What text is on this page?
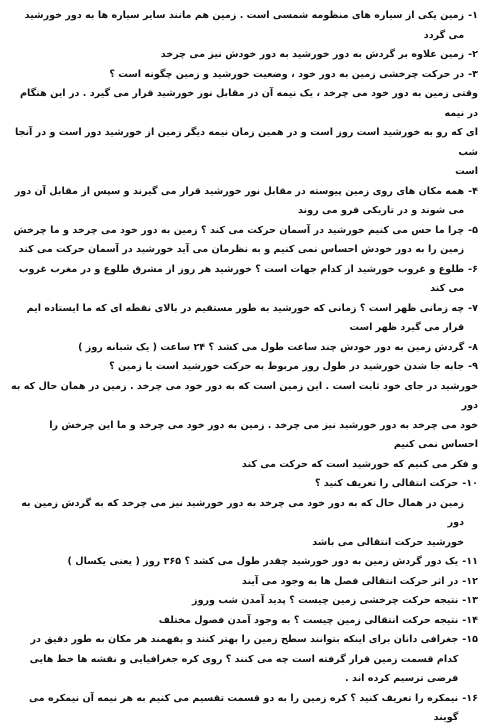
۱-

زمین یکی از سیاره های منظومه شمسی است . زمین هم مانند سایر سیاره ها به دور خورشید می گردد

۲-

زمین علاوه بر گردش به دور خورشید به دور خودش نیز می چرخد

۳-

در حرکت چرخشی زمین به دور خود ، وضعیت خورشید و زمین چگونه است ؟

وقتی زمین به دور خود می چرخد ، یک نیمه آن در مقابل نور خورشید قرار می گیرد . در این هنگام در نیمه

ای که رو به خورشید است روز است و در همین زمان نیمه دیگر زمین از خورشید دور است و در آنجا شب

است

۴-

همه مکان های روی زمین پیوسته در مقابل نور خورشید قرار می گیرند و سپس از مقابل آن دور می شوند و در تاریکی فرو می روند

۵-

چرا ما حس می کنیم خورشید در آسمان حرکت می کند ؟ زمین به دور خود می چرخد و ما چرخش زمین را به دور خودش احساس نمی کنیم و به نظرمان می آید خورشید در آسمان حرکت می کند

۶-

طلوع و غروب خورشید از کدام جهات است ؟ خورشید هر روز از مشرق طلوع و در مغرب غروب می کند

۷-

چه زمانی ظهر است ؟ زمانی که خورشید به طور مستقیم در بالای نقطه ای که ما ایستاده ایم قرار می گیرد ظهر است

۸-

گردش زمین به دور خودش چند ساعت طول می کشد ؟ ۲۴ ساعت ( یک شبانه روز )

۹-

جابه جا شدن خورشید در طول روز مربوط به حرکت خورشید است یا زمین ؟

خورشید در جای خود ثابت است . این زمین است که به دور خود می چرخد . زمین در همان حال که به دور

خود می چرخد به دور خورشید نیز می چرخد . زمین به دور خود می چرخد و ما این چرخش را احساس نمی کنیم

و فکر می کنیم که خورشید است که حرکت می کند

۱۰-

حرکت انتقالی را تعریف کنید ؟

زمین در همال حال که به دور خود می چرخد به دور خورشید نیز می چرخد که به گردش زمین به دور

خورشید حرکت انتقالی می باشد

۱۱-

یک دور گردش زمین به دور خورشید چقدر طول می کشد ؟ ۳۶۵ روز ( یعنی یکسال )

۱۲-

در اثر حرکت انتقالی فصل ها به وجود می آیند

۱۳-

نتیجه حرکت چرخشی زمین چیست ؟ پدید آمدن شب وروز

۱۴-

نتیجه حرکت انتقالی زمین چیست ؟ به وجود آمدن فصول مختلف

۱۵-

جغرافی دانان برای اینکه بتوانند سطح زمین را بهتر کنند و بفهمند هر مکان به طور دقیق در کدام قسمت زمین قرار گرفته است چه می کنند ؟ روی کره جغرافیایی و نقشه ها خط هایی فرضی ترسیم کرده اند .

۱۶-

نیمکره را تعریف کنید ؟ کره زمین را به دو قسمت تقسیم می کنیم به هر نیمه آن نیمکره می گویند
